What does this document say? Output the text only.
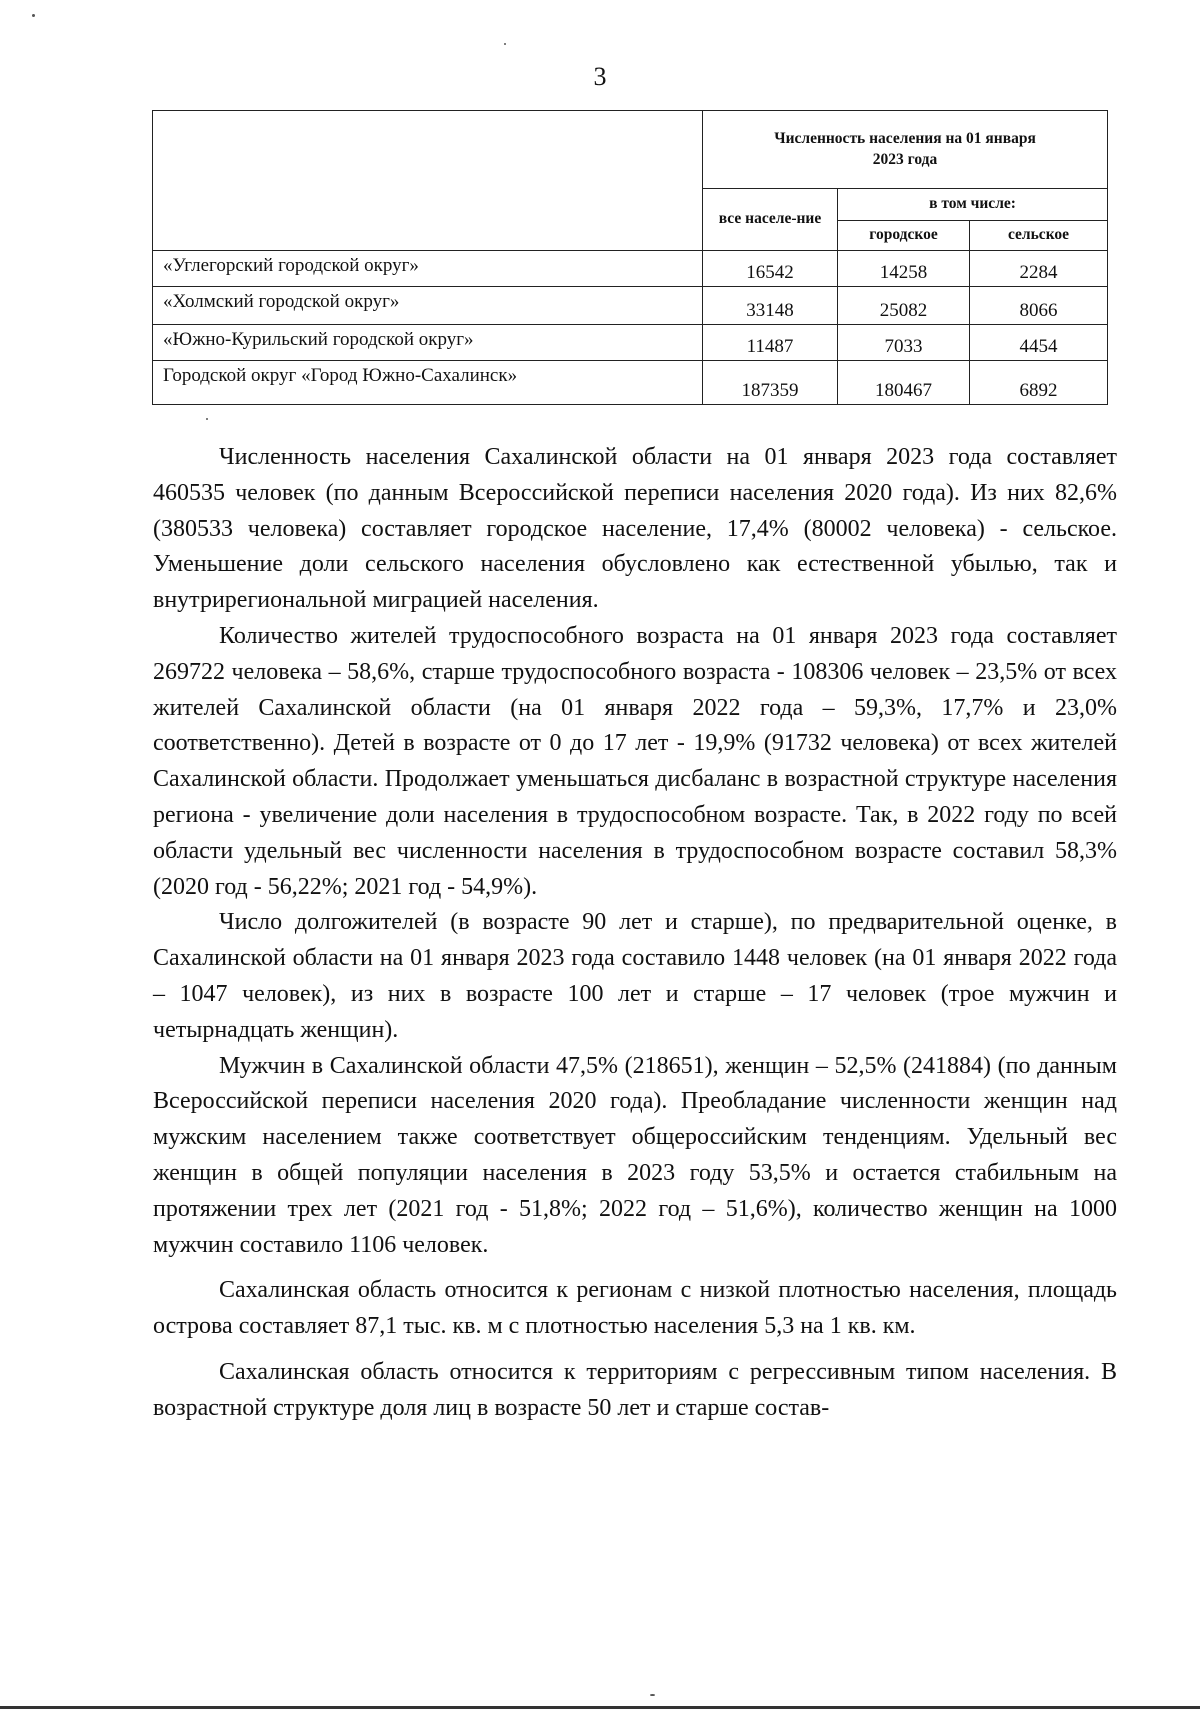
3
	Численность населения на 01 января 2023 года		
	все населе-ние	в том числе:	
		городское	сельское
«Углегорский городской округ»	16542	14258	2284
«Холмский городской округ»	33148	25082	8066
«Южно-Курильский городской округ»	11487	7033	4454
Городской округ «Город Южно-Сахалинск»	187359	180467	6892

Численность населения Сахалинской области на 01 января 2023 года составляет 460535 человек (по данным Всероссийской переписи населения 2020 года). Из них 82,6% (380533 человека) составляет городское население, 17,4% (80002 человека) - сельское. Уменьшение доли сельского населения обусловлено как естественной убылью, так и внутрирегиональной миграцией населения.

Количество жителей трудоспособного возраста на 01 января 2023 года составляет 269722 человека – 58,6%, старше трудоспособного возраста - 108306 человек – 23,5% от всех жителей Сахалинской области (на 01 января 2022 года – 59,3%, 17,7% и 23,0% соответственно). Детей в возрасте от 0 до 17 лет - 19,9% (91732 человека) от всех жителей Сахалинской области. Продолжает уменьшаться дисбаланс в возрастной структуре населения региона - увеличение доли населения в трудоспособном возрасте. Так, в 2022 году по всей области удельный вес численности населения в трудоспособном возрасте составил 58,3% (2020 год - 56,22%; 2021 год - 54,9%).

Число долгожителей (в возрасте 90 лет и старше), по предварительной оценке, в Сахалинской области на 01 января 2023 года составило 1448 человек (на 01 января 2022 года – 1047 человек), из них в возрасте 100 лет и старше – 17 человек (трое мужчин и четырнадцать женщин).

Мужчин в Сахалинской области 47,5% (218651), женщин – 52,5% (241884) (по данным Всероссийской переписи населения 2020 года). Преобладание численности женщин над мужским населением также соответствует общероссийским тенденциям. Удельный вес женщин в общей популяции населения в 2023 году 53,5% и остается стабильным на протяжении трех лет (2021 год - 51,8%; 2022 год – 51,6%), количество женщин на 1000 мужчин составило 1106 человек.

Сахалинская область относится к регионам с низкой плотностью населения, площадь острова составляет 87,1 тыс. кв. м с плотностью населения 5,3 на 1 кв. км.

Сахалинская область относится к территориям с регрессивным типом населения. В возрастной структуре доля лиц в возрасте 50 лет и старше состав-
